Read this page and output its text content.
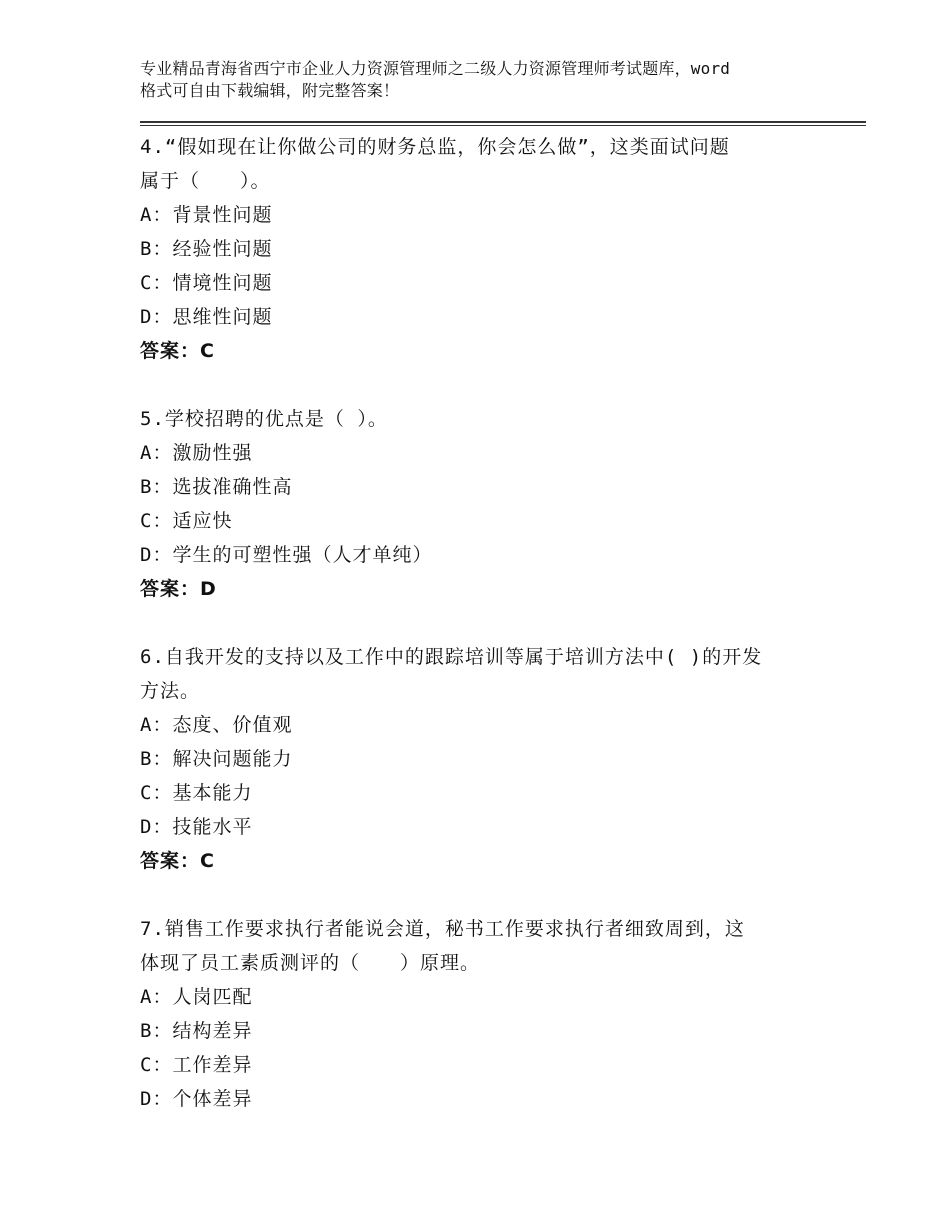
专业精品青海省西宁市企业人力资源管理师之二级人力资源管理师考试题库，word
格式可自由下载编辑，附完整答案！
4.“假如现在让你做公司的财务总监，你会怎么做”，这类面试问题
属于（　　）。
A：背景性问题
B：经验性问题
C：情境性问题
D：思维性问题
答案：C
5.学校招聘的优点是（ ）。
A：激励性强
B：选拔准确性高
C：适应快
D：学生的可塑性强（人才单纯）
答案：D
6.自我开发的支持以及工作中的跟踪培训等属于培训方法中( )的开发
方法。
A：态度、价值观
B：解决问题能力
C：基本能力
D：技能水平
答案：C
7.销售工作要求执行者能说会道，秘书工作要求执行者细致周到，这
体现了员工素质测评的（　　）原理。
A：人岗匹配
B：结构差异
C：工作差异
D：个体差异
